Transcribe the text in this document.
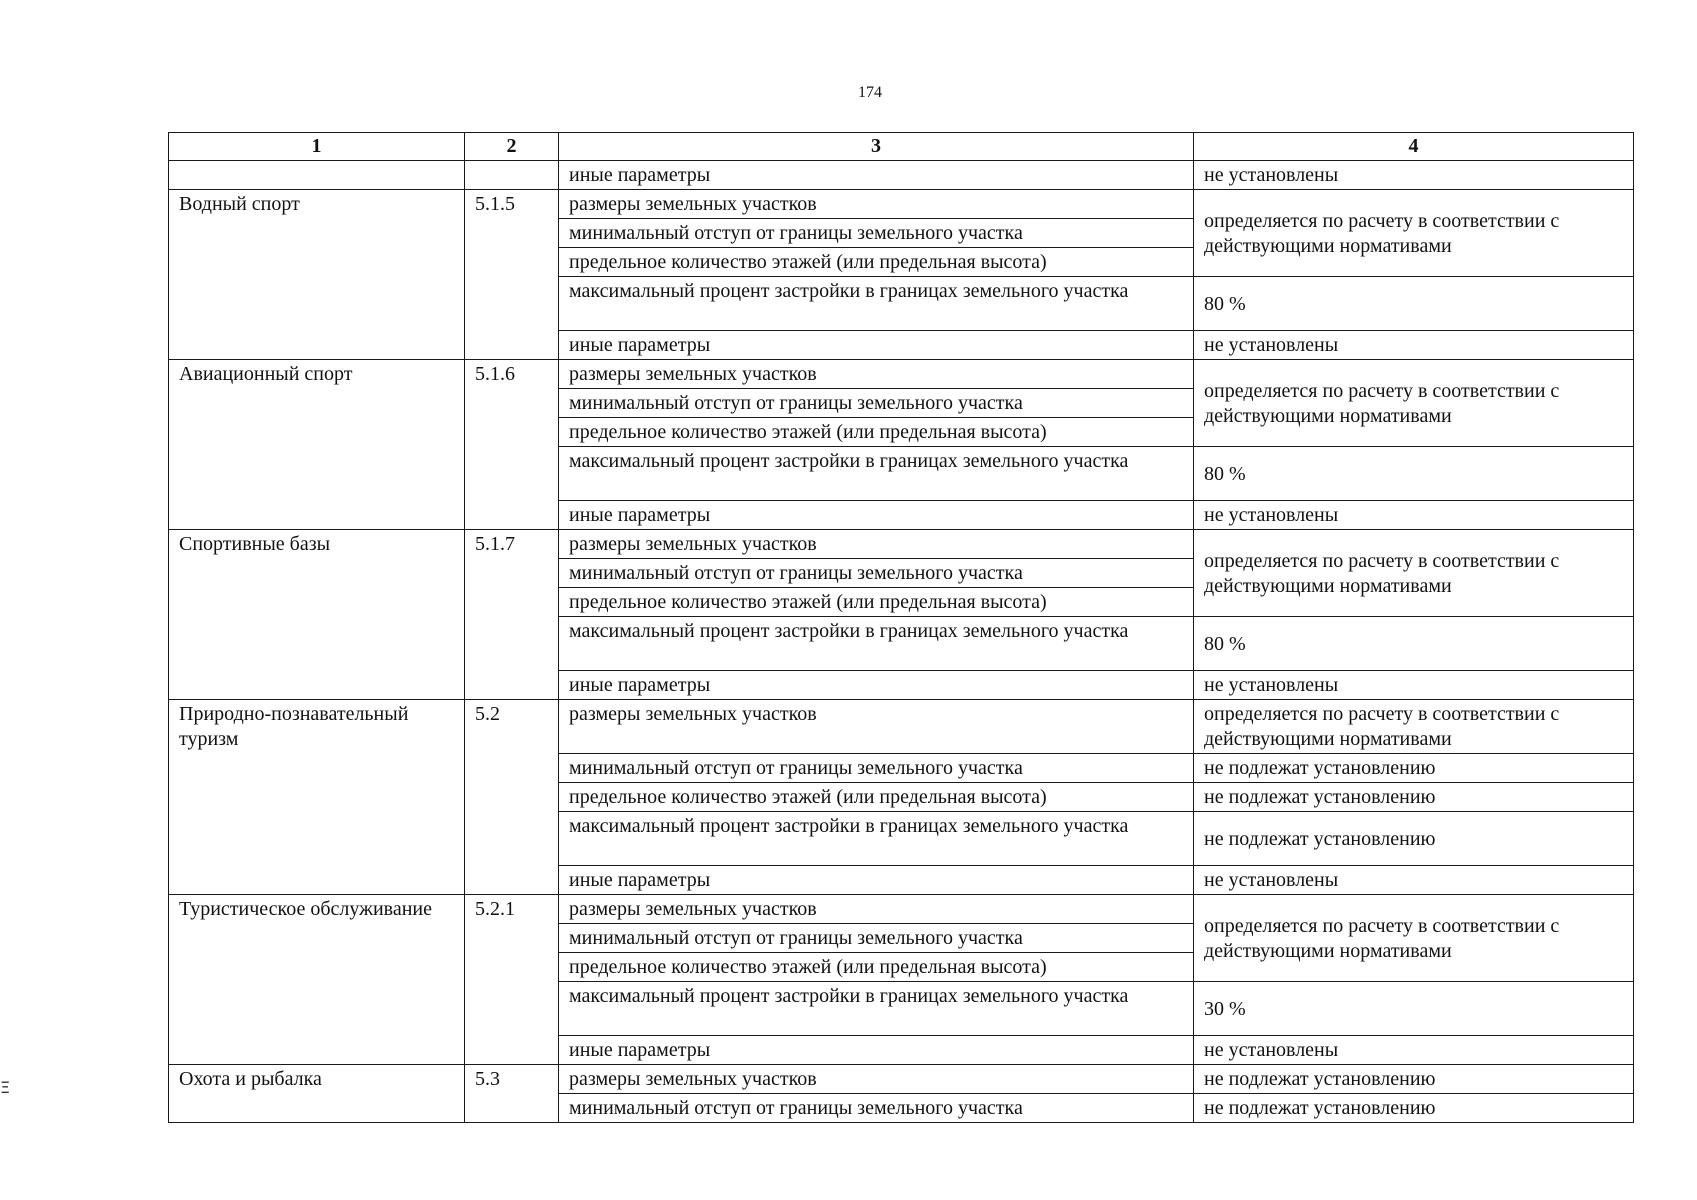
174
1	2	3	4
		иные параметры	не установлены
Водный спорт	5.1.5	размеры земельных участков	определяется по расчету в соответствии с действующими нормативами
		минимальный отступ от границы земельного участка	
		предельное количество этажей (или предельная высота)	
		максимальный процент застройки в границах земельного участка	80 %
		иные параметры	не установлены
Авиационный спорт	5.1.6	размеры земельных участков	определяется по расчету в соответствии с действующими нормативами
		минимальный отступ от границы земельного участка	
		предельное количество этажей (или предельная высота)	
		максимальный процент застройки в границах земельного участка	80 %
		иные параметры	не установлены
Спортивные базы	5.1.7	размеры земельных участков	определяется по расчету в соответствии с действующими нормативами
		минимальный отступ от границы земельного участка	
		предельное количество этажей (или предельная высота)	
		максимальный процент застройки в границах земельного участка	80 %
		иные параметры	не установлены
Природно-познавательный туризм	5.2	размеры земельных участков	определяется по расчету в соответствии с действующими нормативами
		минимальный отступ от границы земельного участка	не подлежат установлению
		предельное количество этажей (или предельная высота)	не подлежат установлению
		максимальный процент застройки в границах земельного участка	не подлежат установлению
		иные параметры	не установлены
Туристическое обслуживание	5.2.1	размеры земельных участков	определяется по расчету в соответствии с действующими нормативами
		минимальный отступ от границы земельного участка	
		предельное количество этажей (или предельная высота)	
		максимальный процент застройки в границах земельного участка	30 %
		иные параметры	не установлены
Охота и рыбалка	5.3	размеры земельных участков	не подлежат установлению
		минимальный отступ от границы земельного участка	не подлежат установлению
Ξ
